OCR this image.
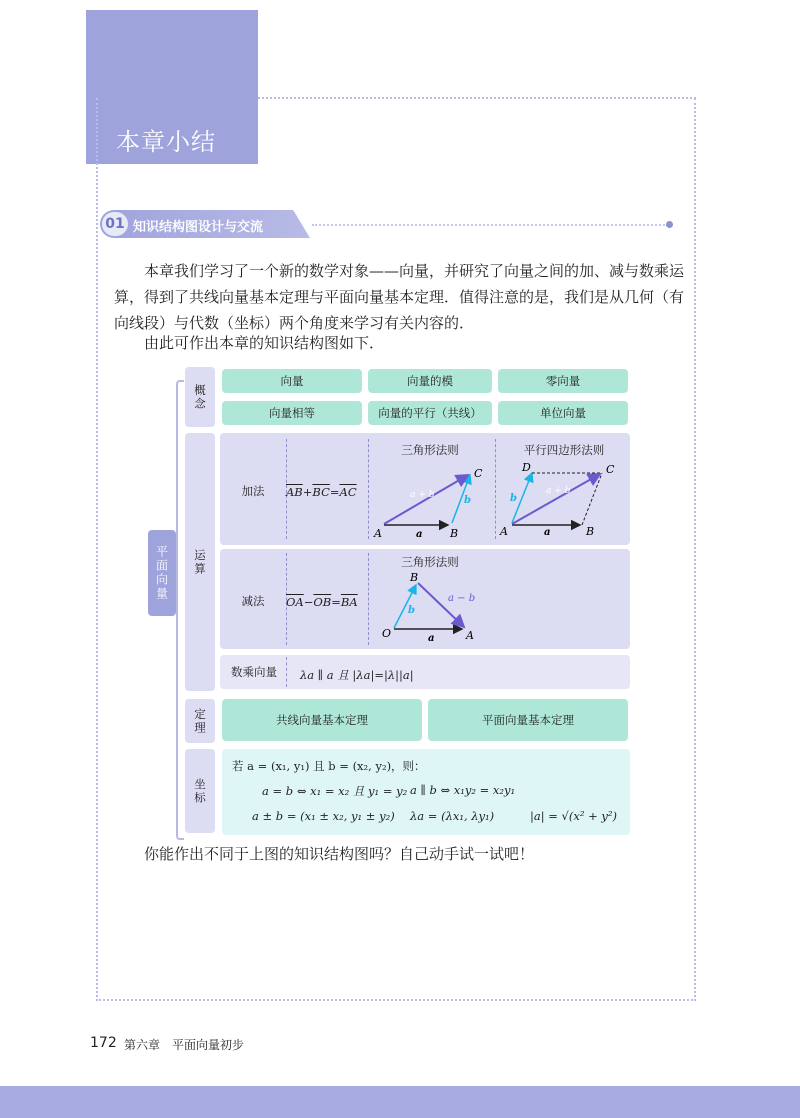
本章小结
01 知识结构图设计与交流

本章我们学习了一个新的数学对象——向量，并研究了向量之间的加、减与数乘运算，得到了共线向量基本定理与平面向量基本定理．值得注意的是，我们是从几何（有向线段）与代数（坐标）两个角度来学习有关内容的．

由此可作出本章的知识结构图如下．

平面向量
概念
向量	向量的模	零向量
向量相等	向量的平行（共线）	单位向量
运算
加法	$\overline{AB}+\overline{BC}=\overline{AC}$
三角形法则	平行四边形法则
A	B
C
a
b
a + b
A	B
C
D
a
b
a + b
减法	$\overline{OA}-\overline{OB}=\overline{BA}$
三角形法则
O	A
B
a
b
a − b
数乘向量	λa ∥ a 且 |λa|=|λ||a|
定理	共线向量基本定理	平面向量基本定理
坐标
若 a = (x₁, y₁) 且 b = (x₂, y₂)，则：
a = b ⇔ x₁ = x₂ 且 y₁ = y₂ a ∥ b ⇔ x₁y₂ = x₂y₁
a ± b = (x₁ ± x₂, y₁ ± y₂) λa = (λx₁, λy₁)	|a| = √(x² + y²)

你能作出不同于上图的知识结构图吗？自己动手试一试吧！

172 第六章 平面向量初步
